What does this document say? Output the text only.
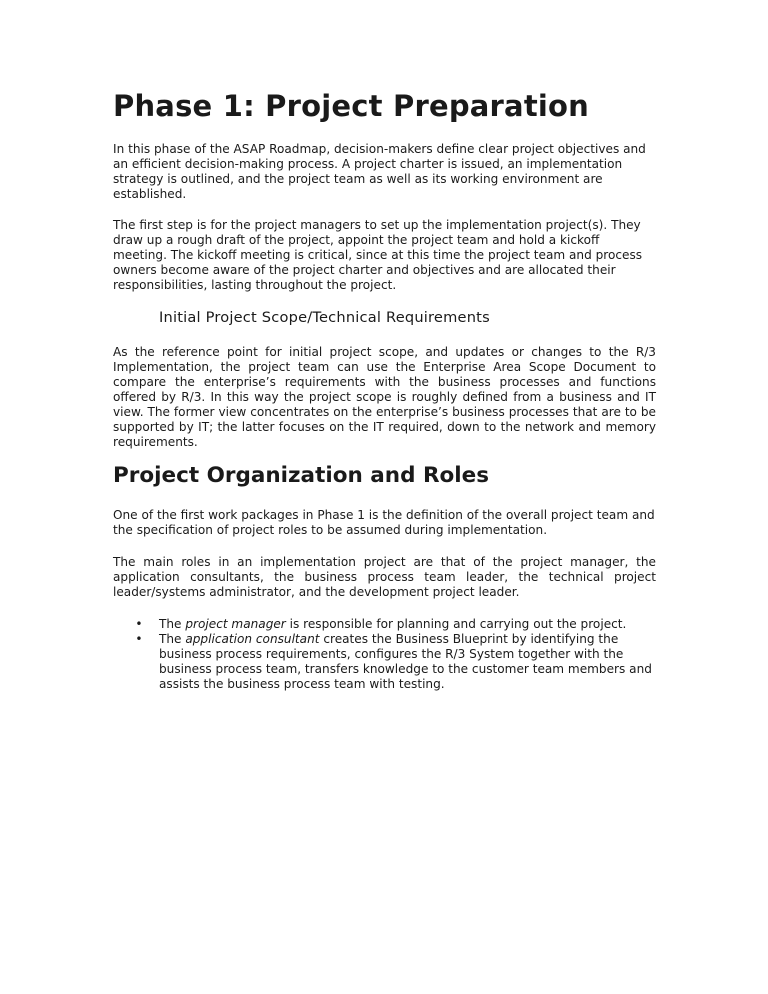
Phase 1: Project Preparation

In this phase of the ASAP Roadmap, decision-makers define clear project objectives and an efficient decision-making process. A project charter is issued, an implementation strategy is outlined, and the project team as well as its working environment are established.

The first step is for the project managers to set up the implementation project(s). They draw up a rough draft of the project, appoint the project team and hold a kickoff meeting. The kickoff meeting is critical, since at this time the project team and process owners become aware of the project charter and objectives and are allocated their responsibilities, lasting throughout the project.

Initial Project Scope/Technical Requirements

As the reference point for initial project scope, and updates or changes to the R/3 Implementation, the project team can use the Enterprise Area Scope Document to compare the enterprise’s requirements with the business processes and functions offered by R/3. In this way the project scope is roughly defined from a business and IT view. The former view concentrates on the enterprise’s business processes that are to be supported by IT; the latter focuses on the IT required, down to the network and memory requirements.

Project Organization and Roles

One of the first work packages in Phase 1 is the definition of the overall project team and the specification of project roles to be assumed during implementation.

The main roles in an implementation project are that of the project manager, the application consultants, the business process team leader, the technical project leader/systems administrator, and the development project leader.

• The project manager is responsible for planning and carrying out the project.
• The application consultant creates the Business Blueprint by identifying the business process requirements, configures the R/3 System together with the business process team, transfers knowledge to the customer team members and assists the business process team with testing.
